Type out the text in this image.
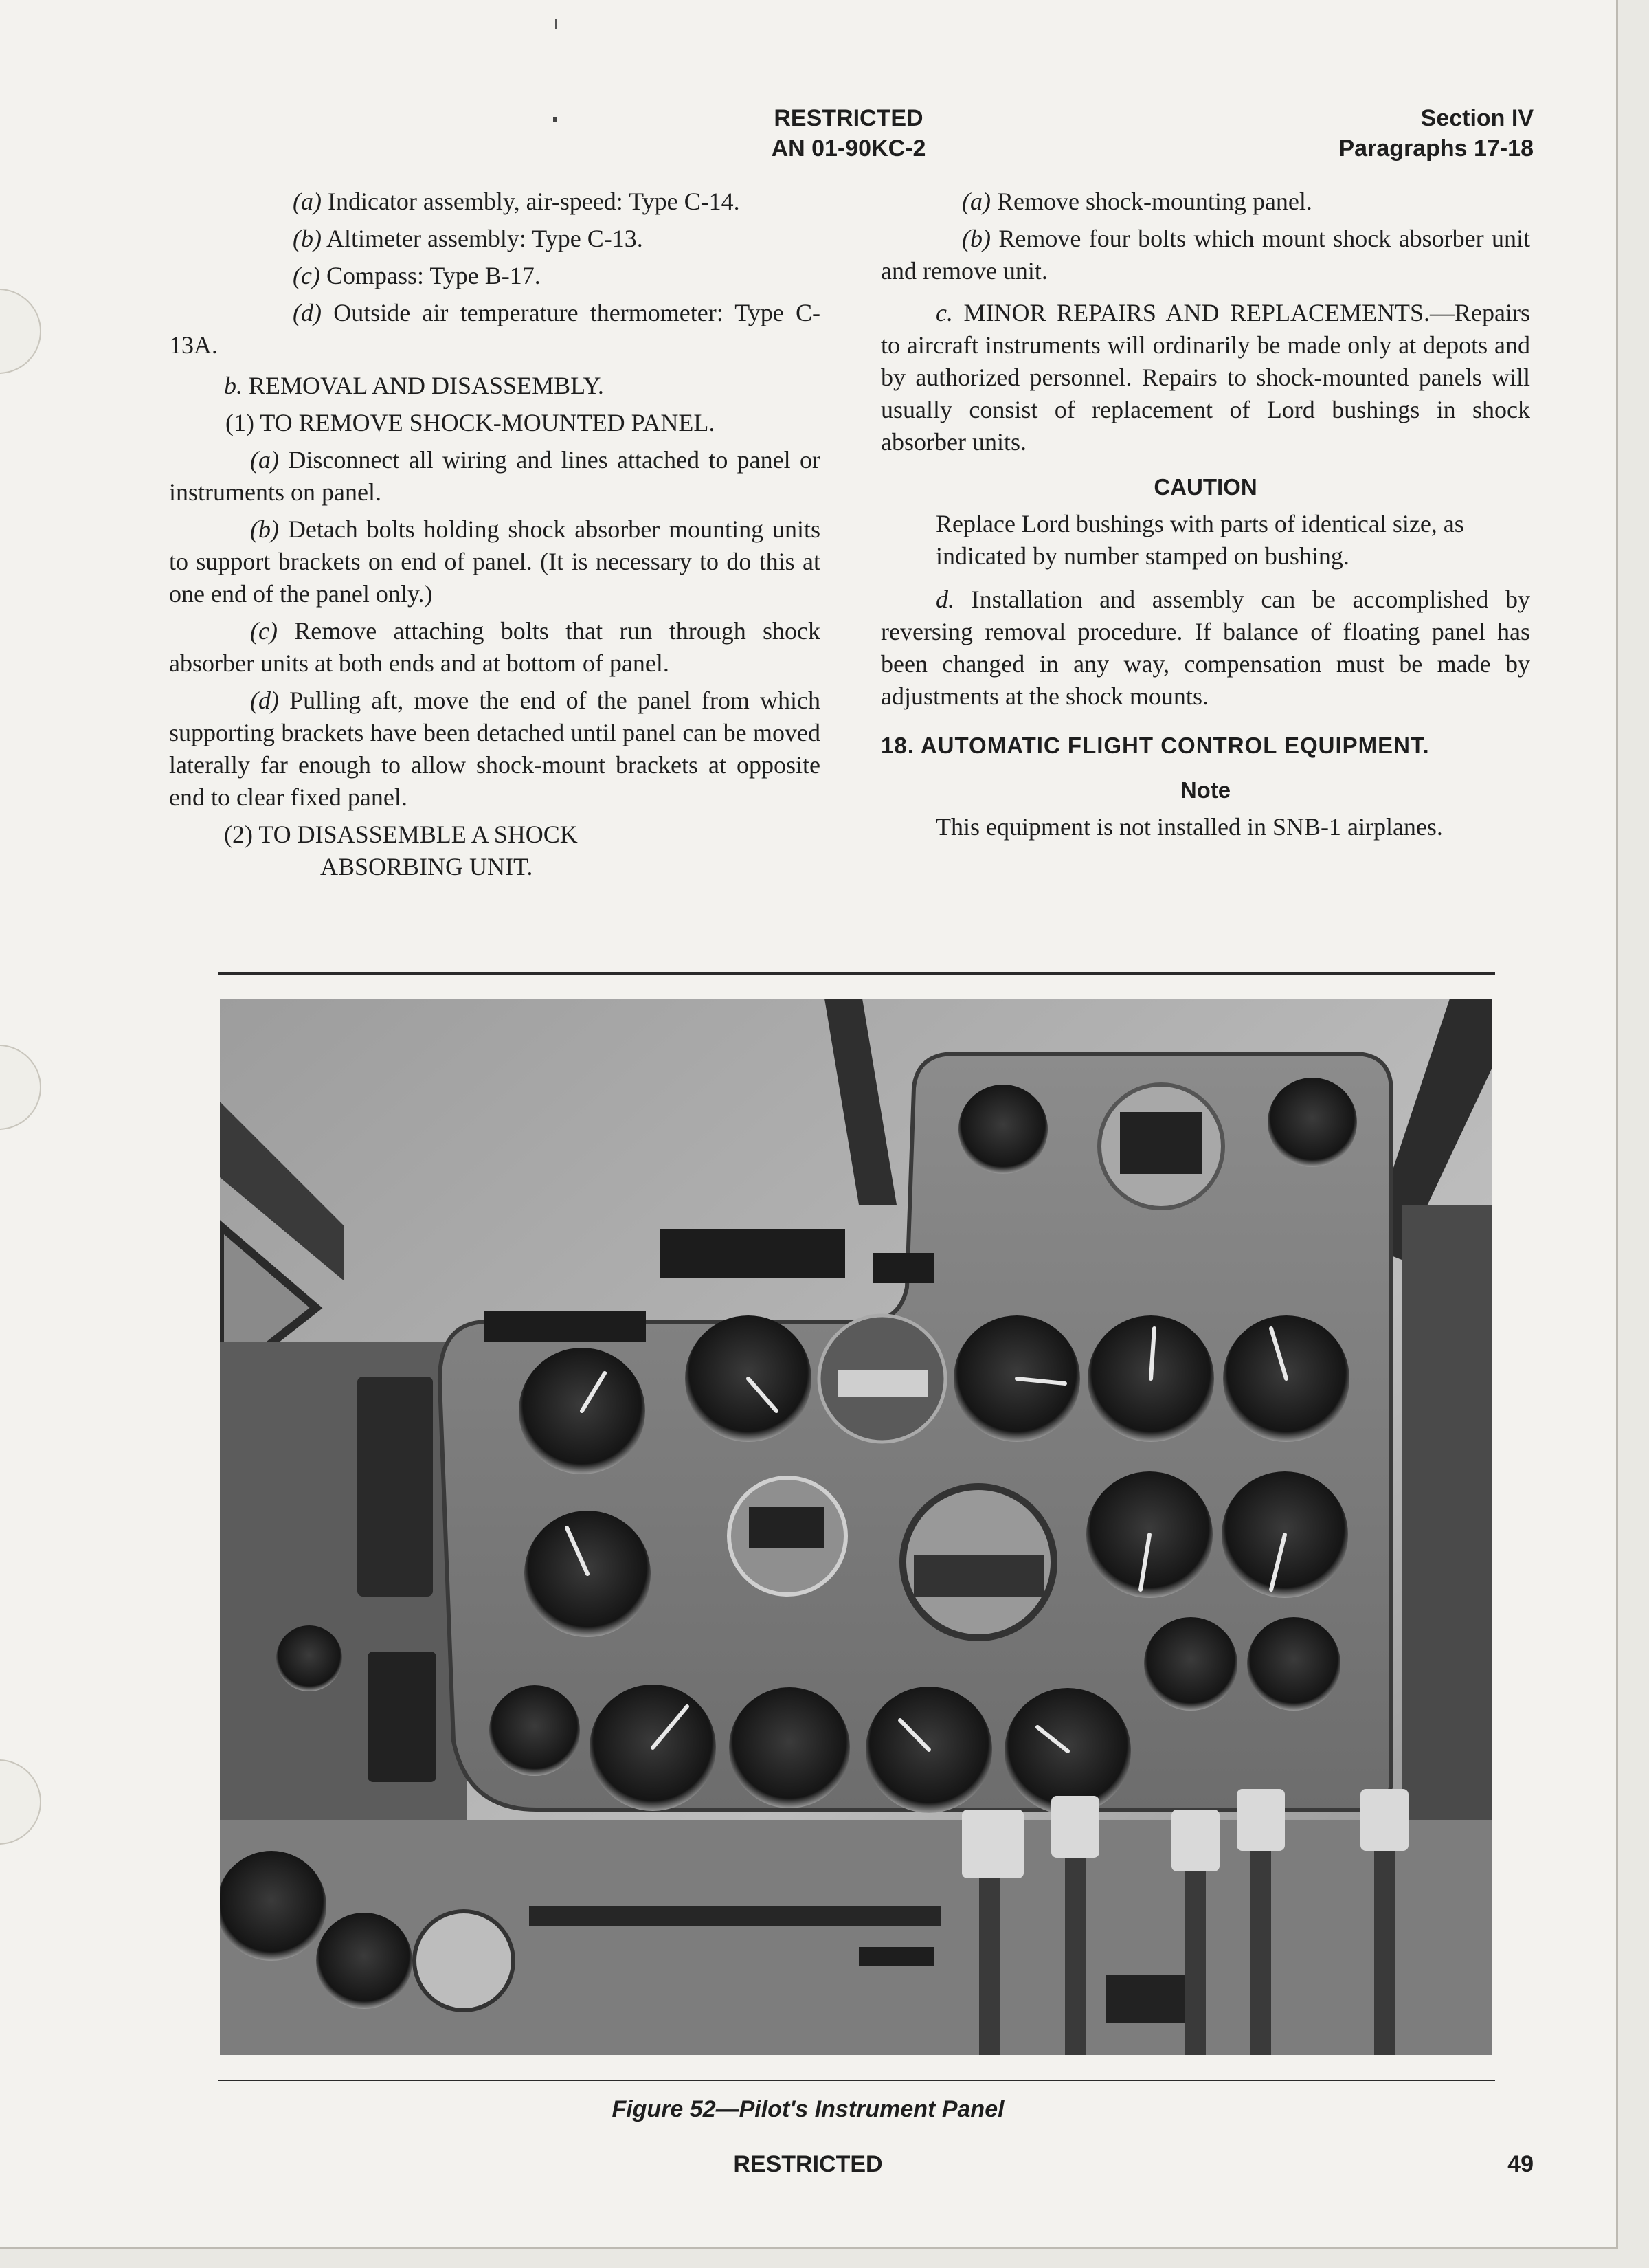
RESTRICTED
AN 01-90KC-2
Section IV
Paragraphs 17-18

(a) Indicator assembly, air-speed: Type C-14.

(b) Altimeter assembly: Type C-13.

(c) Compass: Type B-17.

(d) Outside air temperature thermometer: Type C-13A.

b. REMOVAL AND DISASSEMBLY.

(1) TO REMOVE SHOCK-MOUNTED PANEL.

(a) Disconnect all wiring and lines attached to panel or instruments on panel.

(b) Detach bolts holding shock absorber mounting units to support brackets on end of panel. (It is necessary to do this at one end of the panel only.)

(c) Remove attaching bolts that run through shock absorber units at both ends and at bottom of panel.

(d) Pulling aft, move the end of the panel from which supporting brackets have been detached until panel can be moved laterally far enough to allow shock-mount brackets at opposite end to clear fixed panel.

(2) TO DISASSEMBLE A SHOCK

ABSORBING UNIT.

(a) Remove shock-mounting panel.

(b) Remove four bolts which mount shock absorber unit and remove unit.

c. MINOR REPAIRS AND REPLACEMENTS.—Repairs to aircraft instruments will ordinarily be made only at depots and by authorized personnel. Repairs to shock-mounted panels will usually consist of replacement of Lord bushings in shock absorber units.

CAUTION

Replace Lord bushings with parts of identical size, as indicated by number stamped on bushing.

d. Installation and assembly can be accomplished by reversing removal procedure. If balance of floating panel has been changed in any way, compensation must be made by adjustments at the shock mounts.

18. AUTOMATIC FLIGHT CONTROL EQUIPMENT.

Note

This equipment is not installed in SNB-1 airplanes.

Figure 52—Pilot's Instrument Panel
RESTRICTED	49
